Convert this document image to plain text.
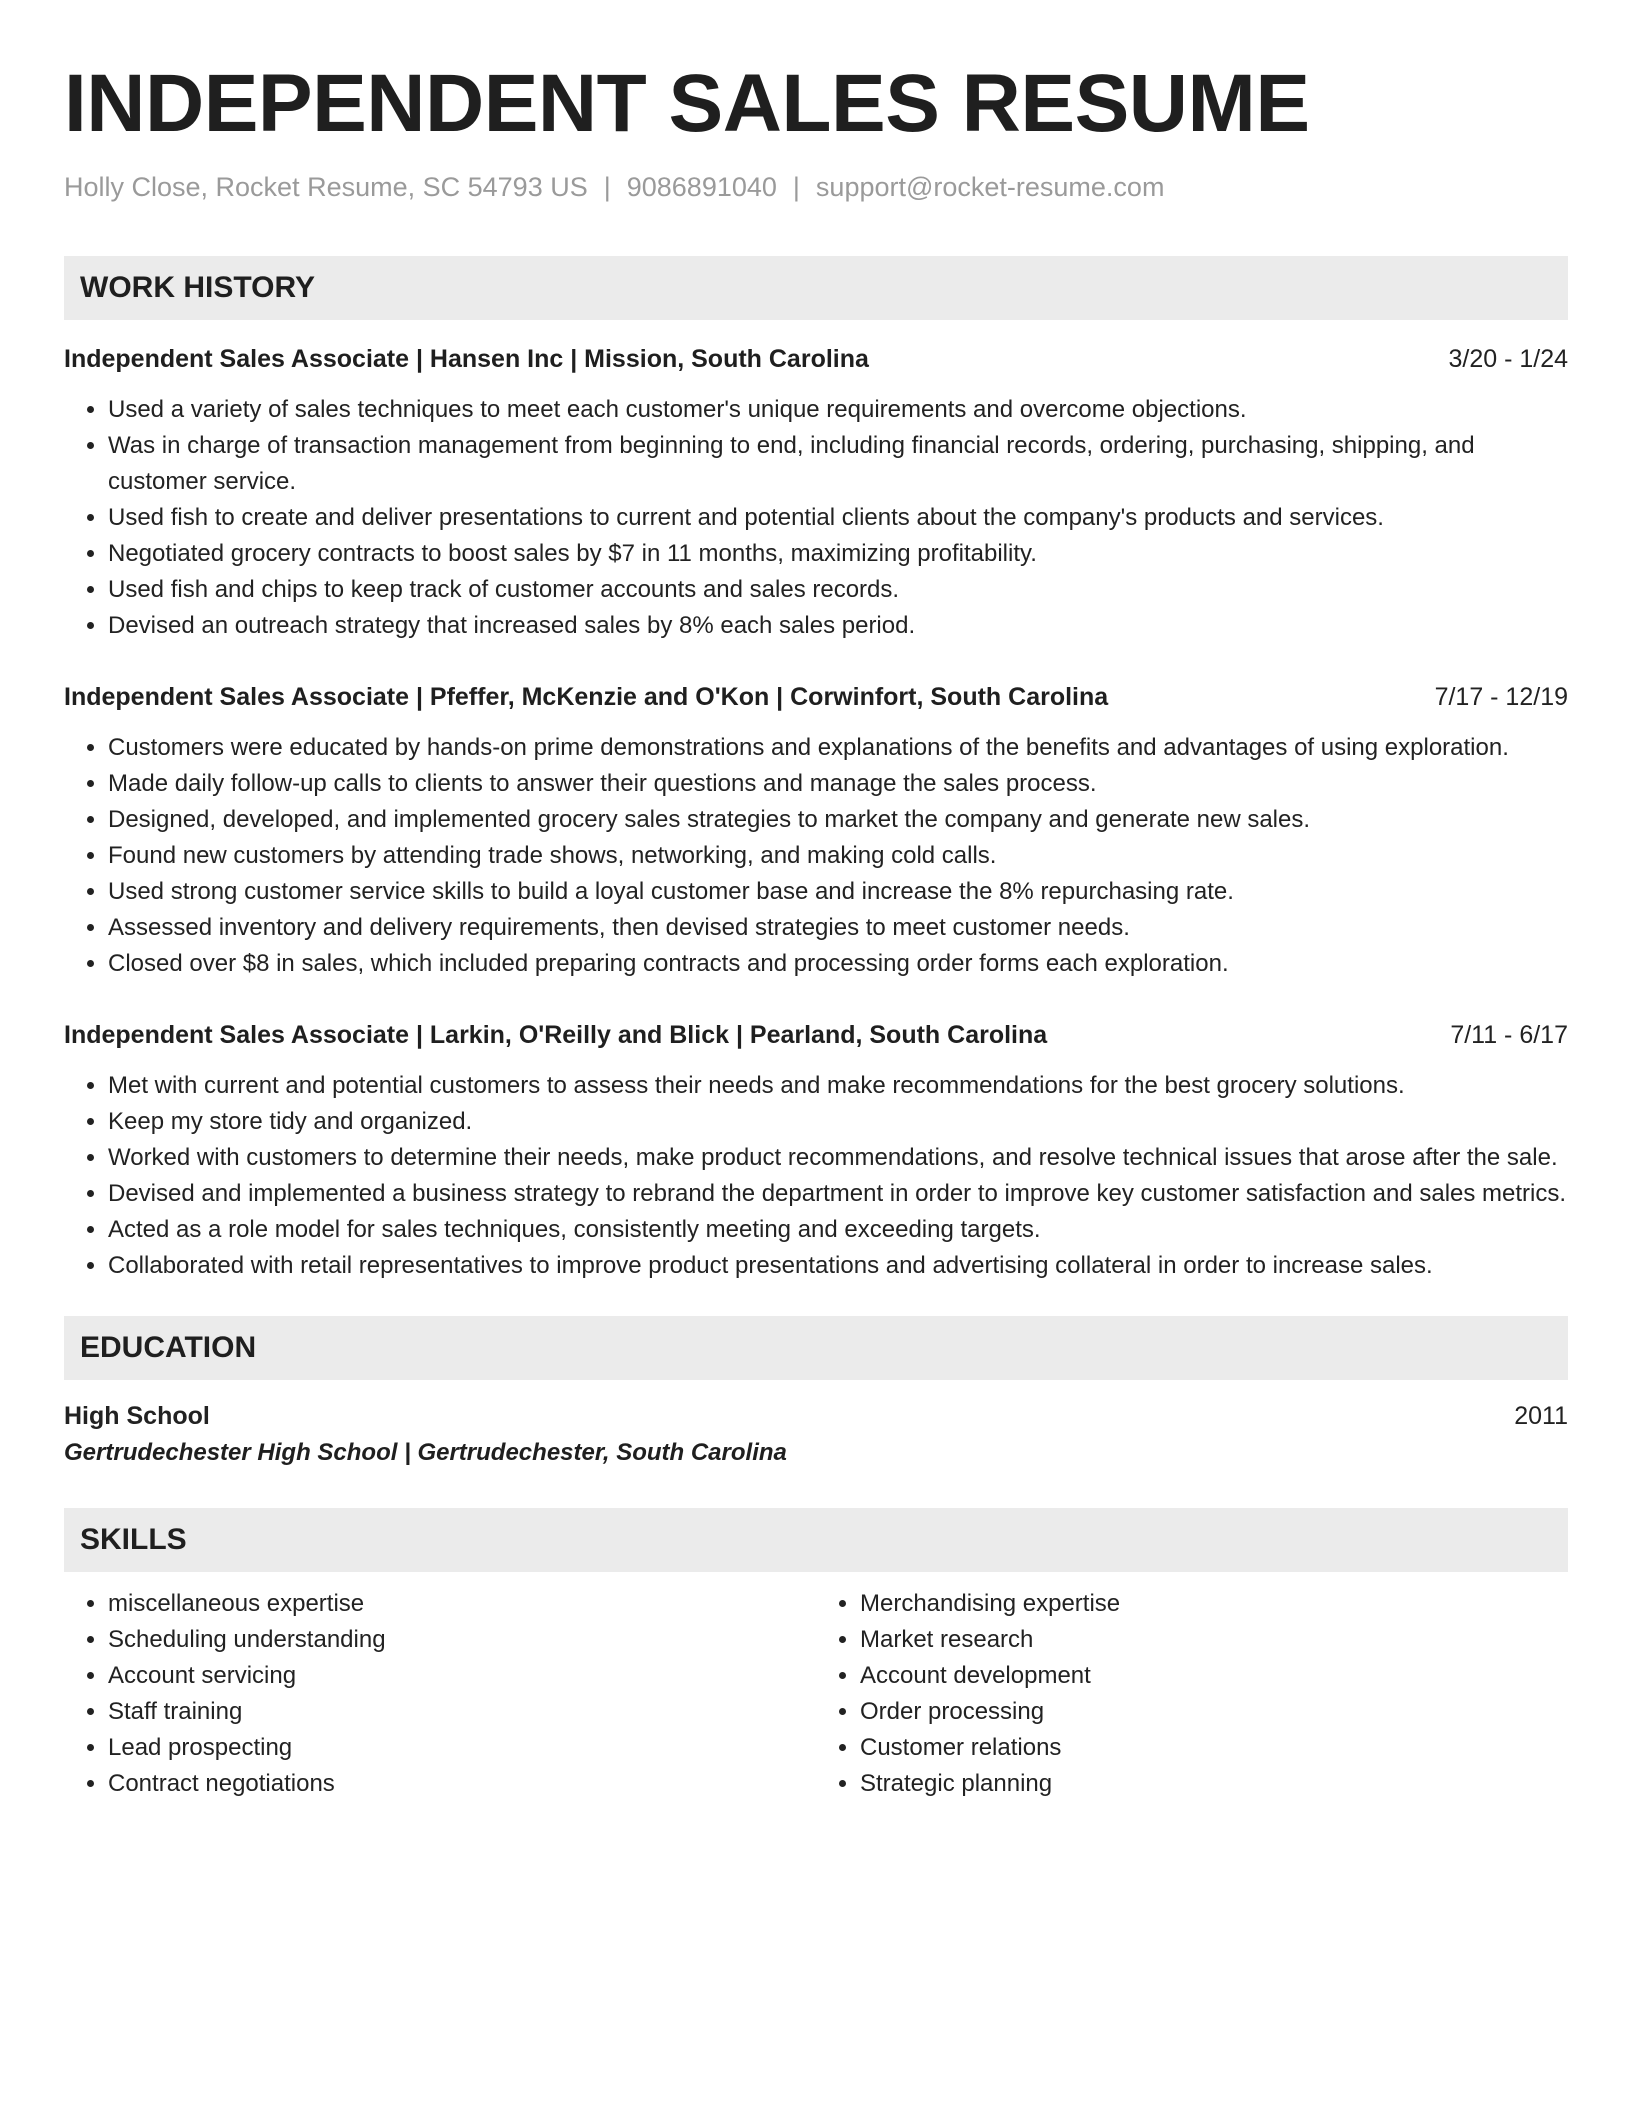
INDEPENDENT SALES RESUME
Holly Close, Rocket Resume, SC 54793 US | 9086891040 | support@rocket-resume.com
WORK HISTORY
Independent Sales Associate | Hansen Inc | Mission, South Carolina	3/20 - 1/24
• Used a variety of sales techniques to meet each customer's unique requirements and overcome objections.
• Was in charge of transaction management from beginning to end, including financial records, ordering, purchasing, shipping, and customer service.
• Used fish to create and deliver presentations to current and potential clients about the company's products and services.
• Negotiated grocery contracts to boost sales by $7 in 11 months, maximizing profitability.
• Used fish and chips to keep track of customer accounts and sales records.
• Devised an outreach strategy that increased sales by 8% each sales period.
Independent Sales Associate | Pfeffer, McKenzie and O'Kon | Corwinfort, South Carolina	7/17 - 12/19
• Customers were educated by hands-on prime demonstrations and explanations of the benefits and advantages of using exploration.
• Made daily follow-up calls to clients to answer their questions and manage the sales process.
• Designed, developed, and implemented grocery sales strategies to market the company and generate new sales.
• Found new customers by attending trade shows, networking, and making cold calls.
• Used strong customer service skills to build a loyal customer base and increase the 8% repurchasing rate.
• Assessed inventory and delivery requirements, then devised strategies to meet customer needs.
• Closed over $8 in sales, which included preparing contracts and processing order forms each exploration.
Independent Sales Associate | Larkin, O'Reilly and Blick | Pearland, South Carolina	7/11 - 6/17
• Met with current and potential customers to assess their needs and make recommendations for the best grocery solutions.
• Keep my store tidy and organized.
• Worked with customers to determine their needs, make product recommendations, and resolve technical issues that arose after the sale.
• Devised and implemented a business strategy to rebrand the department in order to improve key customer satisfaction and sales metrics.
• Acted as a role model for sales techniques, consistently meeting and exceeding targets.
• Collaborated with retail representatives to improve product presentations and advertising collateral in order to increase sales.
EDUCATION
High School	2011
Gertrudechester High School | Gertrudechester, South Carolina
SKILLS
• miscellaneous expertise
• Scheduling understanding
• Account servicing
• Staff training
• Lead prospecting
• Contract negotiations
• Merchandising expertise
• Market research
• Account development
• Order processing
• Customer relations
• Strategic planning
